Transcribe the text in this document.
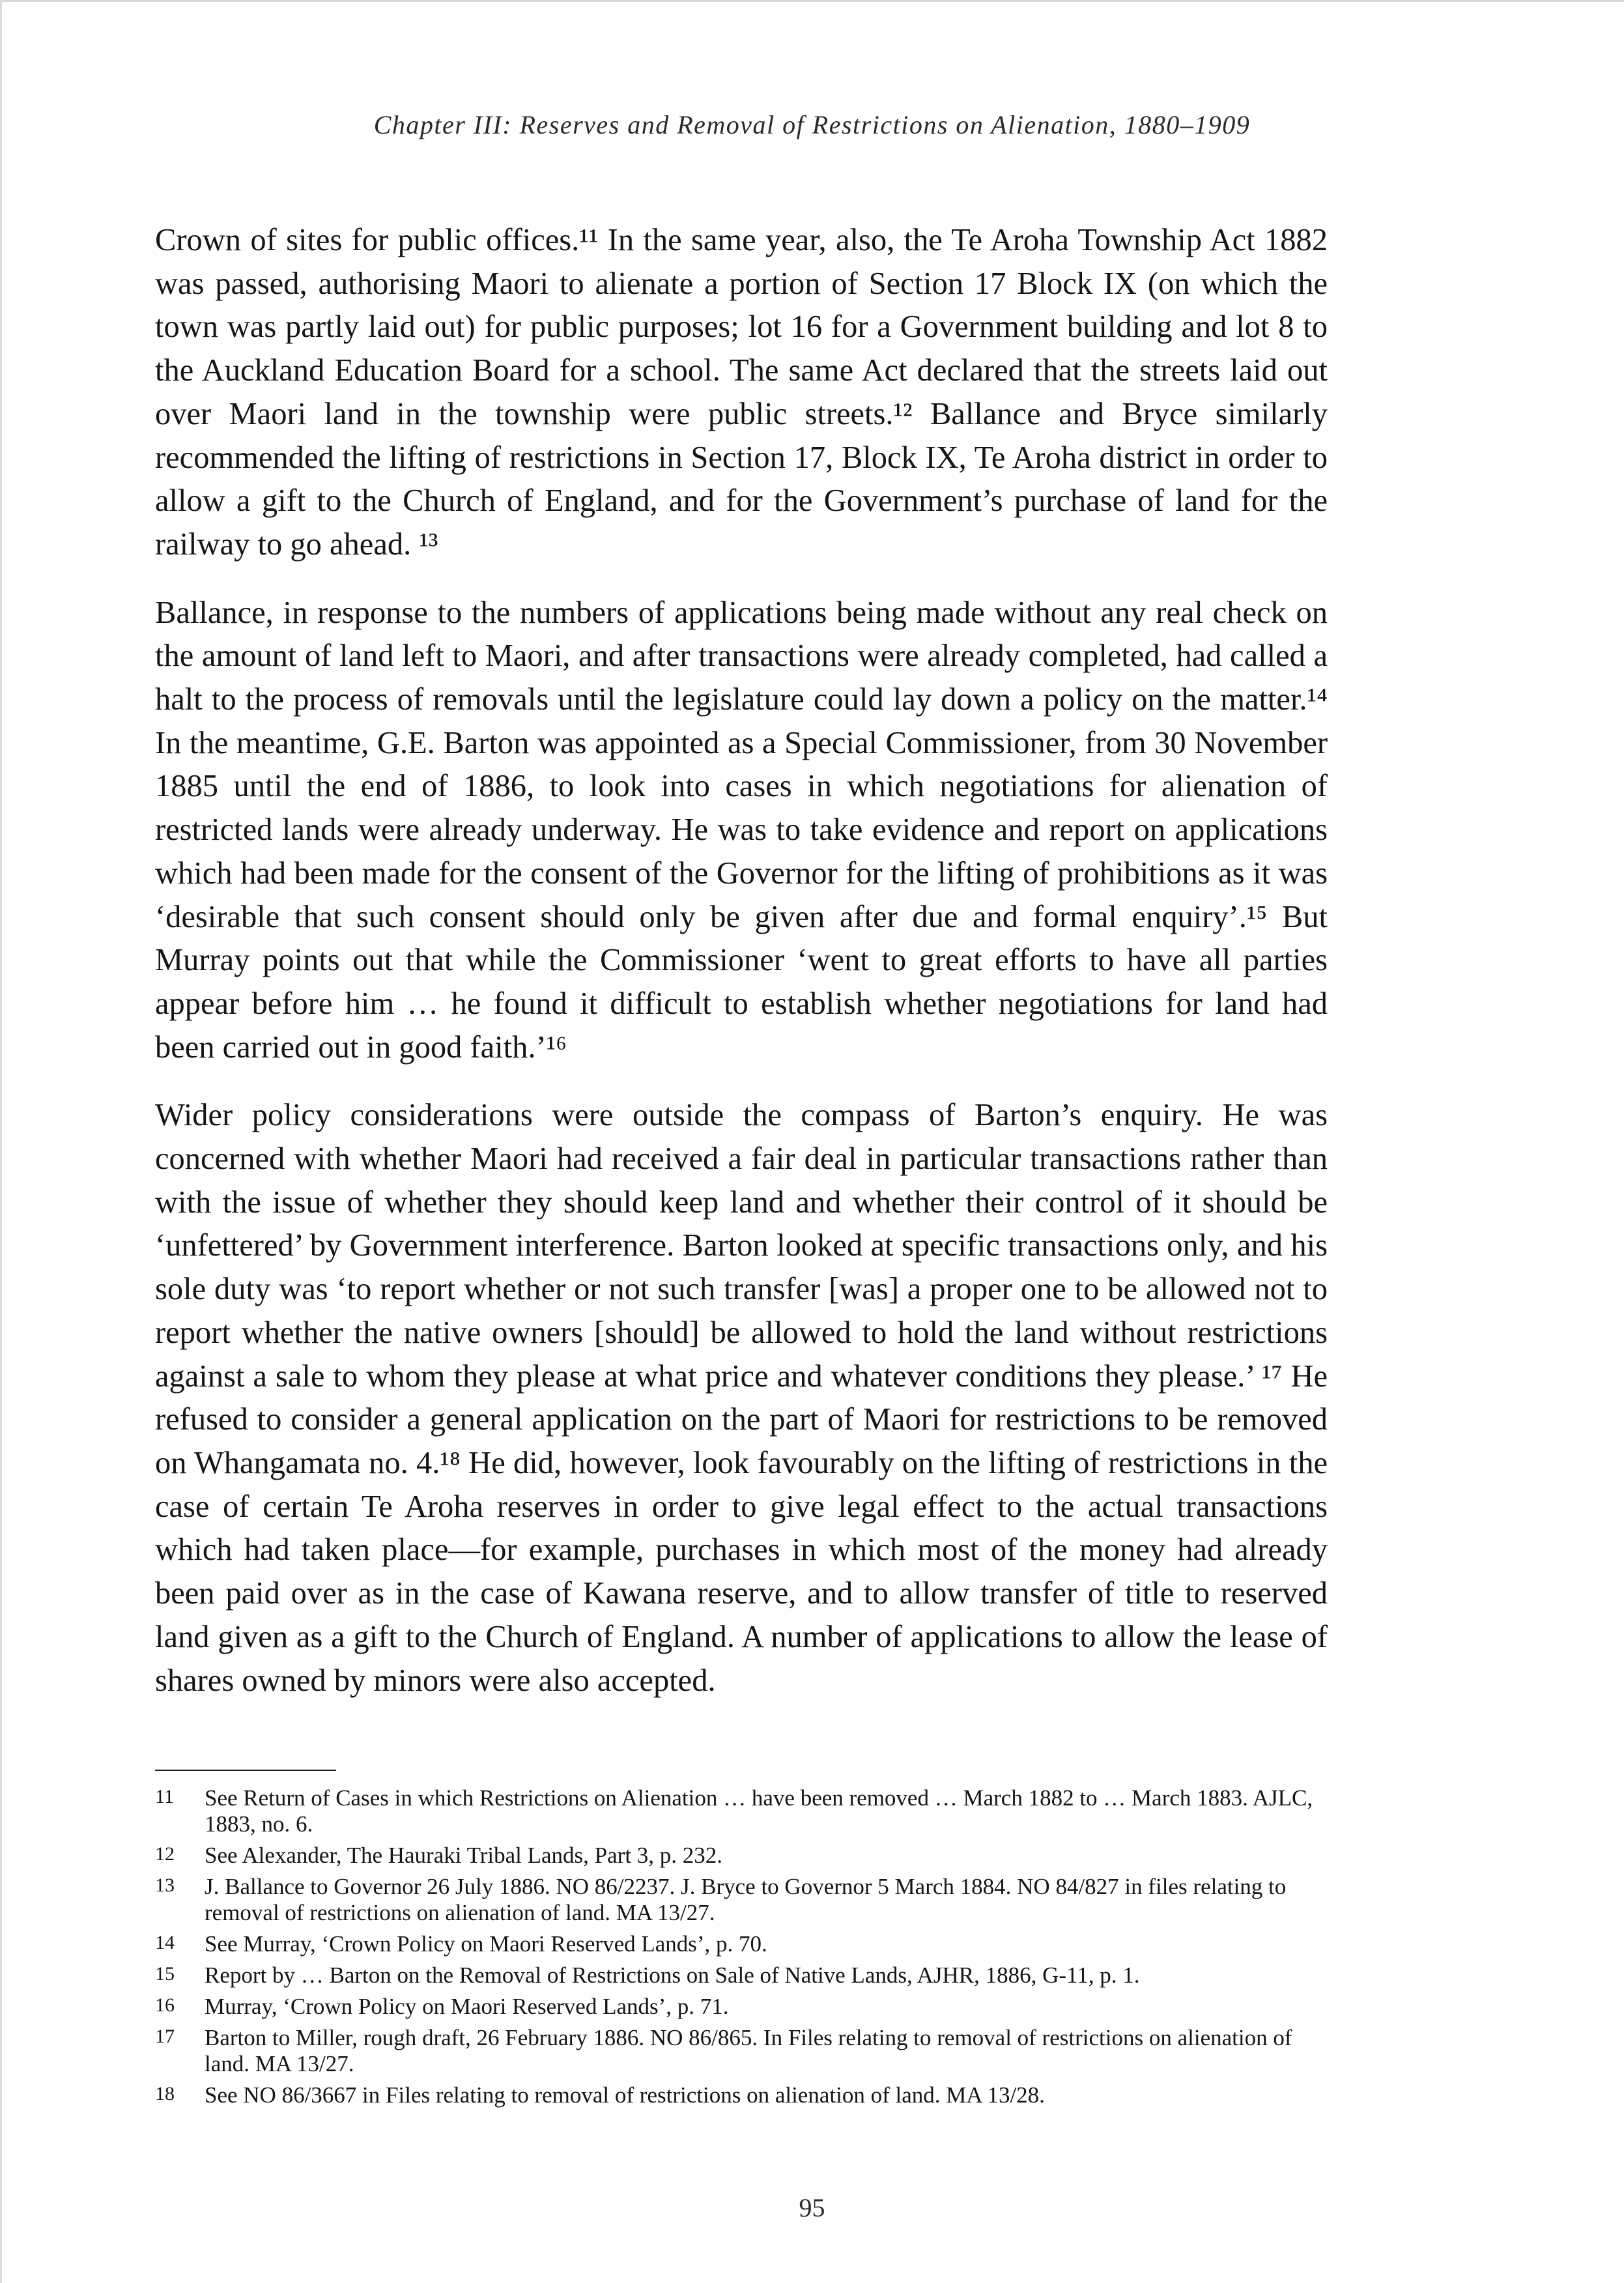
Chapter III: Reserves and Removal of Restrictions on Alienation, 1880–1909

Crown of sites for public offices.¹¹ In the same year, also, the Te Aroha Township Act 1882 was passed, authorising Maori to alienate a portion of Section 17 Block IX (on which the town was partly laid out) for public purposes; lot 16 for a Government building and lot 8 to the Auckland Education Board for a school. The same Act declared that the streets laid out over Maori land in the township were public streets.¹² Ballance and Bryce similarly recommended the lifting of restrictions in Section 17, Block IX, Te Aroha district in order to allow a gift to the Church of England, and for the Government’s purchase of land for the railway to go ahead. ¹³

Ballance, in response to the numbers of applications being made without any real check on the amount of land left to Maori, and after transactions were already completed, had called a halt to the process of removals until the legislature could lay down a policy on the matter.¹⁴ In the meantime, G.E. Barton was appointed as a Special Commissioner, from 30 November 1885 until the end of 1886, to look into cases in which negotiations for alienation of restricted lands were already underway. He was to take evidence and report on applications which had been made for the consent of the Governor for the lifting of prohibitions as it was ‘desirable that such consent should only be given after due and formal enquiry’.¹⁵ But Murray points out that while the Commissioner ‘went to great efforts to have all parties appear before him … he found it difficult to establish whether negotiations for land had been carried out in good faith.’¹⁶

Wider policy considerations were outside the compass of Barton’s enquiry. He was concerned with whether Maori had received a fair deal in particular transactions rather than with the issue of whether they should keep land and whether their control of it should be ‘unfettered’ by Government interference. Barton looked at specific transactions only, and his sole duty was ‘to report whether or not such transfer [was] a proper one to be allowed not to report whether the native owners [should] be allowed to hold the land without restrictions against a sale to whom they please at what price and whatever conditions they please.’ ¹⁷ He refused to consider a general application on the part of Maori for restrictions to be removed on Whangamata no. 4.¹⁸ He did, however, look favourably on the lifting of restrictions in the case of certain Te Aroha reserves in order to give legal effect to the actual transactions which had taken place—for example, purchases in which most of the money had already been paid over as in the case of Kawana reserve, and to allow transfer of title to reserved land given as a gift to the Church of England. A number of applications to allow the lease of shares owned by minors were also accepted.

11	See Return of Cases in which Restrictions on Alienation … have been removed … March 1882 to … March 1883. AJLC, 1883, no. 6.
12	See Alexander, The Hauraki Tribal Lands, Part 3, p. 232.
13	J. Ballance to Governor 26 July 1886. NO 86/2237. J. Bryce to Governor 5 March 1884. NO 84/827 in files relating to removal of restrictions on alienation of land. MA 13/27.
14	See Murray, ‘Crown Policy on Maori Reserved Lands’, p. 70.
15	Report by … Barton on the Removal of Restrictions on Sale of Native Lands, AJHR, 1886, G-11, p. 1.
16	Murray, ‘Crown Policy on Maori Reserved Lands’, p. 71.
17	Barton to Miller, rough draft, 26 February 1886. NO 86/865. In Files relating to removal of restrictions on alienation of land. MA 13/27.
18	See NO 86/3667 in Files relating to removal of restrictions on alienation of land. MA 13/28.
95
